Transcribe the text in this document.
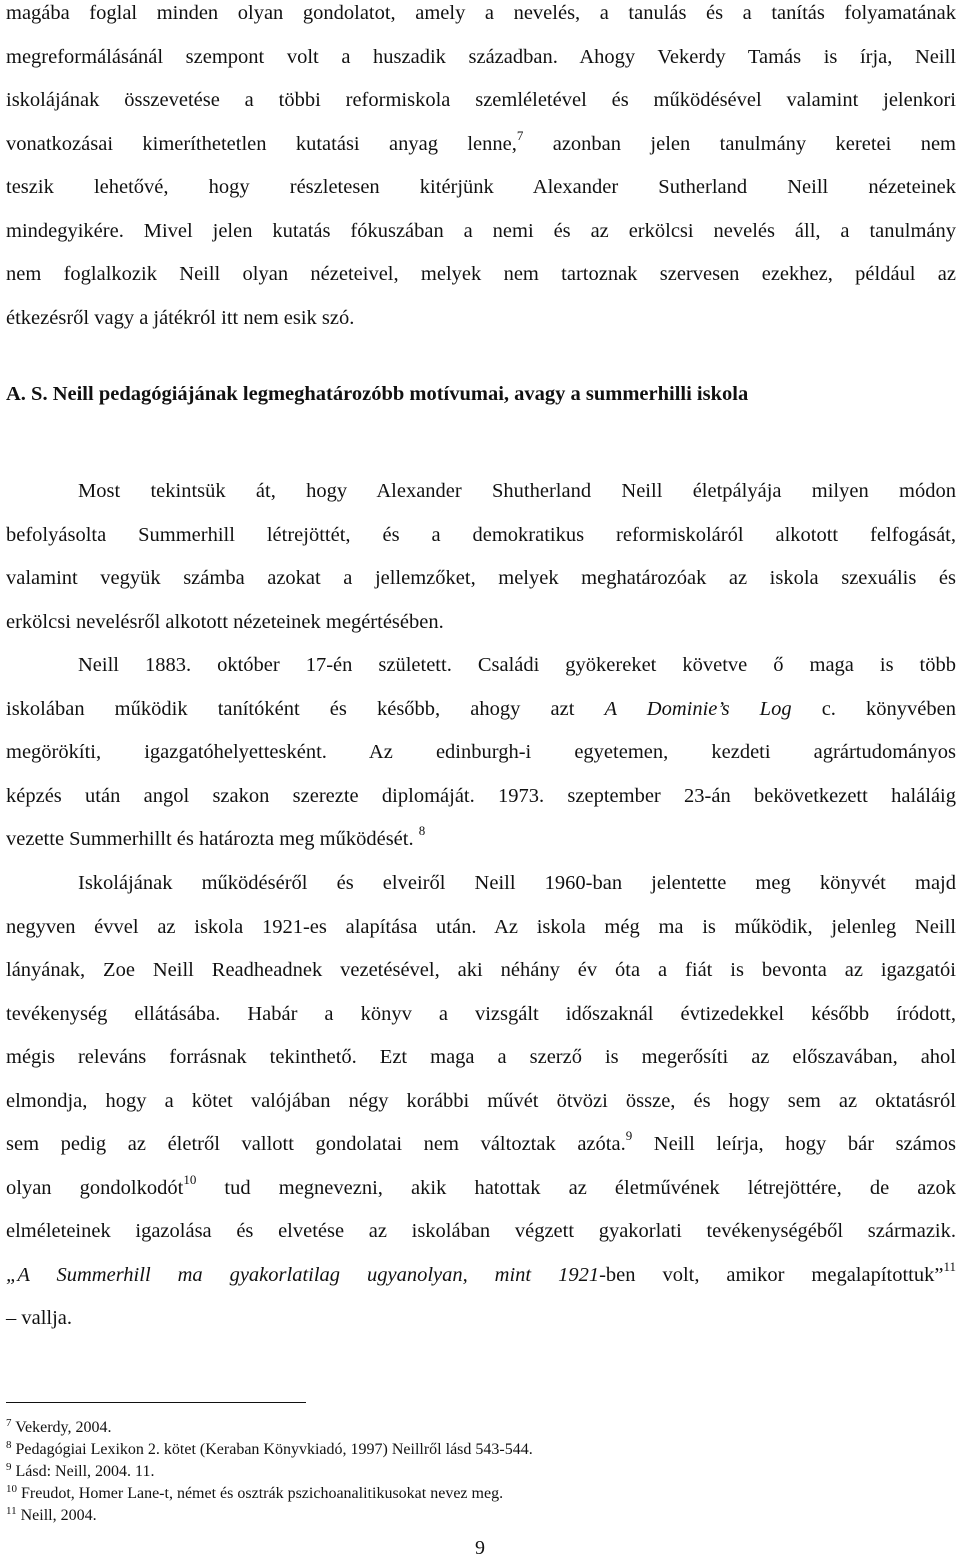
magába foglal minden olyan gondolatot, amely a nevelés, a tanulás és a tanítás folyamatának
megreformálásánál szempont volt a huszadik században. Ahogy Vekerdy Tamás is írja, Neill
iskolájának összevetése a többi reformiskola szemléletével és működésével valamint jelenkori
vonatkozásai kimeríthetetlen kutatási anyag lenne,$^7$ azonban jelen tanulmány keretei nem
teszik lehetővé, hogy részletesen kitérjünk Alexander Sutherland Neill nézeteinek
mindegyikére. Mivel jelen kutatás fókuszában a nemi és az erkölcsi nevelés áll, a tanulmány
nem foglalkozik Neill olyan nézeteivel, melyek nem tartoznak szervesen ezekhez, például az
étkezésről vagy a játékról itt nem esik szó.
A. S. Neill pedagógiájának legmeghatározóbb motívumai, avagy a summerhilli iskola
Most tekintsük át, hogy Alexander Shutherland Neill életpályája milyen módon
befolyásolta Summerhill létrejöttét, és a demokratikus reformiskoláról alkotott felfogását,
valamint vegyük számba azokat a jellemzőket, melyek meghatározóak az iskola szexuális és
erkölcsi nevelésről alkotott nézeteinek megértésében.
Neill 1883. október 17-én született. Családi gyökereket követve ő maga is több
iskolában működik tanítóként és később, ahogy azt A Dominie’s Log c. könyvében
megörökíti, igazgatóhelyettesként. Az edinburgh-i egyetemen, kezdeti agrártudományos
képzés után angol szakon szerezte diplomáját. 1973. szeptember 23-án bekövetkezett haláláig
vezette Summerhillt és határozta meg működését. $^8$
Iskolájának működéséről és elveiről Neill 1960-ban jelentette meg könyvét majd
negyven évvel az iskola 1921-es alapítása után. Az iskola még ma is működik, jelenleg Neill
lányának, Zoe Neill Readheadnek vezetésével, aki néhány év óta a fiát is bevonta az igazgatói
tevékenység ellátásába. Habár a könyv a vizsgált időszaknál évtizedekkel később íródott,
mégis releváns forrásnak tekinthető. Ezt maga a szerző is megerősíti az előszavában, ahol
elmondja, hogy a kötet valójában négy korábbi művét ötvözi össze, és hogy sem az oktatásról
sem pedig az életről vallott gondolatai nem változtak azóta.$^9$ Neill leírja, hogy bár számos
olyan gondolkodót$^{10}$ tud megnevezni, akik hatottak az életművének létrejöttére, de azok
elméleteinek igazolása és elvetése az iskolában végzett gyakorlati tevékenységéből származik.
„A Summerhill ma gyakorlatilag ugyanolyan, mint 1921-ben volt, amikor megalapítottuk”$^{11}$
– vallja.
$^7$ Vekerdy, 2004.
$^8$ Pedagógiai Lexikon 2. kötet (Keraban Könyvkiadó, 1997) Neillről lásd 543-544.
$^9$ Lásd: Neill, 2004. 11.
$^{10}$ Freudot, Homer Lane-t, német és osztrák pszichoanalitikusokat nevez meg.
$^{11}$ Neill, 2004.
9
